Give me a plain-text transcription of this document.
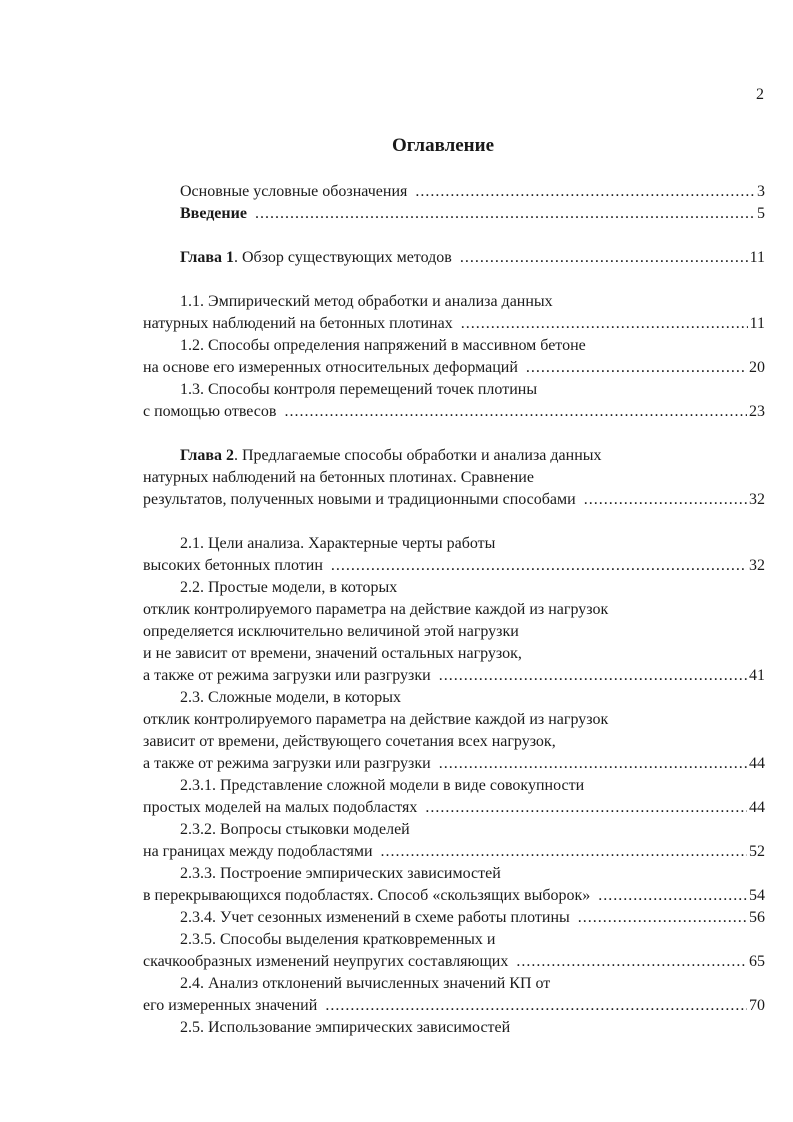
2
Оглавление
Основные условные обозначения .....	3
Введение .....	5
Глава 1. Обзор существующих методов .....	11
1.1. Эмпирический метод обработки и анализа данных
натурных наблюдений на бетонных плотинах .....	11
1.2. Способы определения напряжений в массивном бетоне
на основе его измеренных относительных деформаций .....	20
1.3. Способы контроля перемещений точек плотины
с помощью отвесов .....	23
Глава 2. Предлагаемые способы обработки и анализа данных
натурных наблюдений на бетонных плотинах. Сравнение
результатов, полученных новыми и традиционными способами .....	32
2.1. Цели анализа. Характерные черты работы
высоких бетонных плотин .....	32
2.2. Простые модели, в которых
отклик контролируемого параметра на действие каждой из нагрузок
определяется исключительно величиной этой нагрузки
и не зависит от времени, значений остальных нагрузок,
а также от режима загрузки или разгрузки .....	41
2.3. Сложные модели, в которых
отклик контролируемого параметра на действие каждой из нагрузок
зависит от времени, действующего сочетания всех нагрузок,
а также от режима загрузки или разгрузки .....	44
2.3.1. Представление сложной модели в виде совокупности
простых моделей на малых подобластях .....	44
2.3.2. Вопросы стыковки моделей
на границах между подобластями .....	52
2.3.3. Построение эмпирических зависимостей
в перекрывающихся подобластях. Способ «скользящих выборок» .....	54
2.3.4. Учет сезонных изменений в схеме работы плотины .....	56
2.3.5. Способы выделения кратковременных и
скачкообразных изменений неупругих составляющих .....	65
2.4. Анализ отклонений вычисленных значений КП от
его измеренных значений .....	70
2.5. Использование эмпирических зависимостей
